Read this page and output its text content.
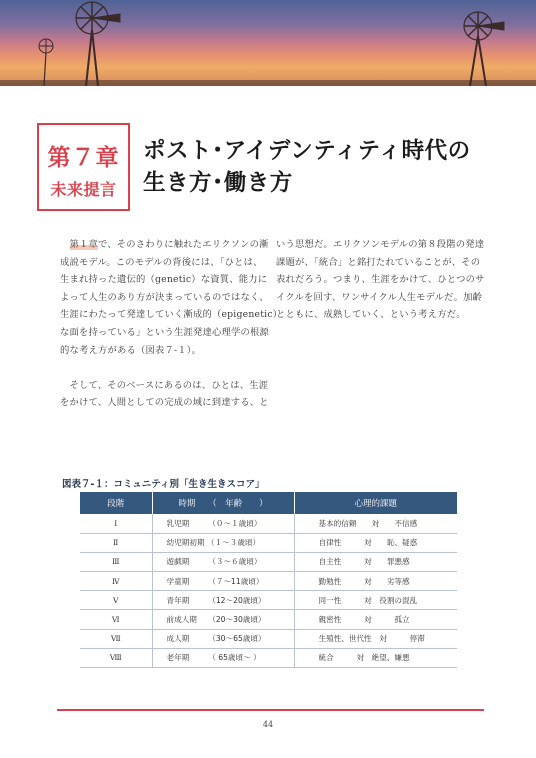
第７章
未来提言
ポスト･アイデンティティ時代の
生き方･働き方

　第１章で、そのさわりに触れたエリクソンの漸

成説モデル。このモデルの背後には、「ひとは、

生まれ持った遺伝的（genetic）な資質、能力に

よって人生のあり方が決まっているのではなく、

生涯にわたって発達していく漸成的（epigenetic）

な面を持っている」という生涯発達心理学の根源

的な考え方がある（図表７-１）。

　そして、そのベースにあるのは、ひとは、生涯

をかけて、人間としての完成の域に到達する、と

いう思想だ。エリクソンモデルの第８段階の発達

課題が、「統合」と銘打たれていることが、その

表れだろう。つまり、生涯をかけて、ひとつのサ

イクルを回す、ワンサイクル人生モデルだ。加齢

とともに、成熟していく、という考え方だ。

図表７-１：コミュニティ別「生き生きスコア」
段階	時期　　（　年齢　　）	心理的課題
Ⅰ	乳児期　　　（０～１歳頃）	基本的信頼　　対　　不信感
Ⅱ	幼児期初期 （１～３歳頃）	自律性　　　対　　恥、疑惑
Ⅲ	遊戯期　　　（３～６歳頃）	自主性　　　対　　罪悪感
Ⅳ	学童期　　　（７～11歳頃）	勤勉性　　　対　　劣等感
Ⅴ	青年期　　　（12～20歳頃）	同一性　　　対　役割の混乱
Ⅵ	前成人期　　（20～30歳頃）	親密性　　　対　　　孤立
Ⅶ	成人期　　　（30～65歳頃）	生殖性、世代性　対　　　停滞
Ⅷ	老年期　　　（ 65歳頃～ ）	統合　　　対　絶望、嫌悪
44
